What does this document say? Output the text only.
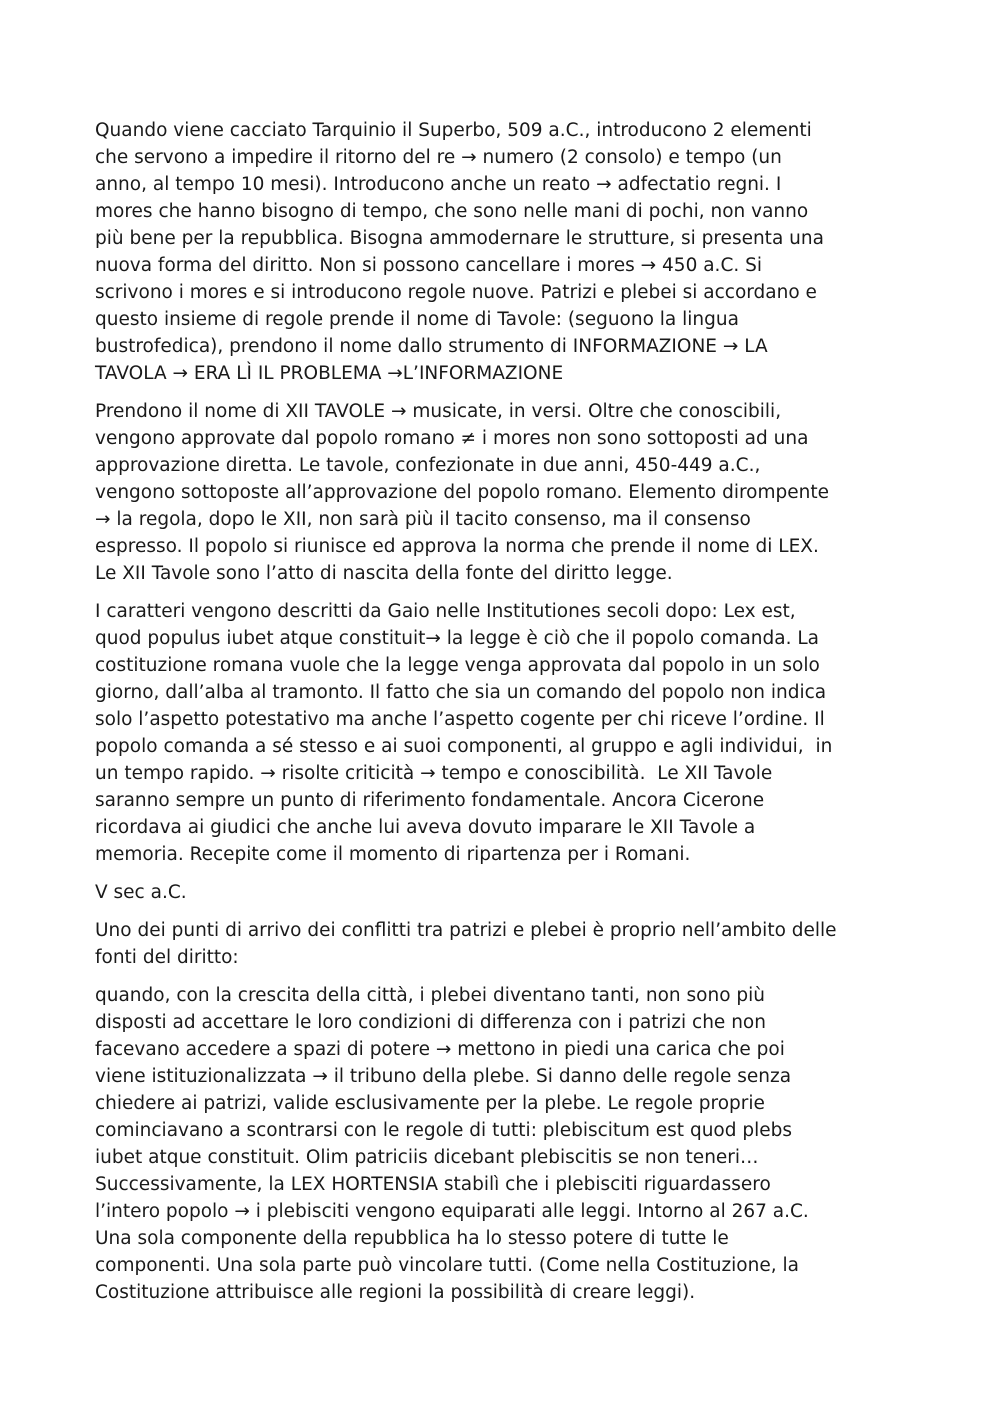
Quando viene cacciato Tarquinio il Superbo, 509 a.C., introducono 2 elementi
che servono a impedire il ritorno del re → numero (2 consolo) e tempo (un
anno, al tempo 10 mesi). Introducono anche un reato → adfectatio regni. I
mores che hanno bisogno di tempo, che sono nelle mani di pochi, non vanno
più bene per la repubblica. Bisogna ammodernare le strutture, si presenta una
nuova forma del diritto. Non si possono cancellare i mores → 450 a.C. Si
scrivono i mores e si introducono regole nuove. Patrizi e plebei si accordano e
questo insieme di regole prende il nome di Tavole: (seguono la lingua
bustrofedica), prendono il nome dallo strumento di INFORMAZIONE → LA
TAVOLA → ERA LÌ IL PROBLEMA →L’INFORMAZIONE
Prendono il nome di XII TAVOLE → musicate, in versi. Oltre che conoscibili,
vengono approvate dal popolo romano ≠ i mores non sono sottoposti ad una
approvazione diretta. Le tavole, confezionate in due anni, 450-449 a.C.,
vengono sottoposte all’approvazione del popolo romano. Elemento dirompente
→ la regola, dopo le XII, non sarà più il tacito consenso, ma il consenso
espresso. Il popolo si riunisce ed approva la norma che prende il nome di LEX.
Le XII Tavole sono l’atto di nascita della fonte del diritto legge.
I caratteri vengono descritti da Gaio nelle Institutiones secoli dopo: Lex est,
quod populus iubet atque constituit→ la legge è ciò che il popolo comanda. La
costituzione romana vuole che la legge venga approvata dal popolo in un solo
giorno, dall’alba al tramonto. Il fatto che sia un comando del popolo non indica
solo l’aspetto potestativo ma anche l’aspetto cogente per chi riceve l’ordine. Il
popolo comanda a sé stesso e ai suoi componenti, al gruppo e agli individui,  in
un tempo rapido. → risolte criticità → tempo e conoscibilità.  Le XII Tavole
saranno sempre un punto di riferimento fondamentale. Ancora Cicerone
ricordava ai giudici che anche lui aveva dovuto imparare le XII Tavole a
memoria. Recepite come il momento di ripartenza per i Romani.
V sec a.C.
Uno dei punti di arrivo dei conflitti tra patrizi e plebei è proprio nell’ambito delle
fonti del diritto:
quando, con la crescita della città, i plebei diventano tanti, non sono più
disposti ad accettare le loro condizioni di differenza con i patrizi che non
facevano accedere a spazi di potere → mettono in piedi una carica che poi
viene istituzionalizzata → il tribuno della plebe. Si danno delle regole senza
chiedere ai patrizi, valide esclusivamente per la plebe. Le regole proprie
cominciavano a scontrarsi con le regole di tutti: plebiscitum est quod plebs
iubet atque constituit. Olim patriciis dicebant plebiscitis se non teneri…
Successivamente, la LEX HORTENSIA stabilì che i plebisciti riguardassero
l’intero popolo → i plebisciti vengono equiparati alle leggi. Intorno al 267 a.C.
Una sola componente della repubblica ha lo stesso potere di tutte le
componenti. Una sola parte può vincolare tutti. (Come nella Costituzione, la
Costituzione attribuisce alle regioni la possibilità di creare leggi).
